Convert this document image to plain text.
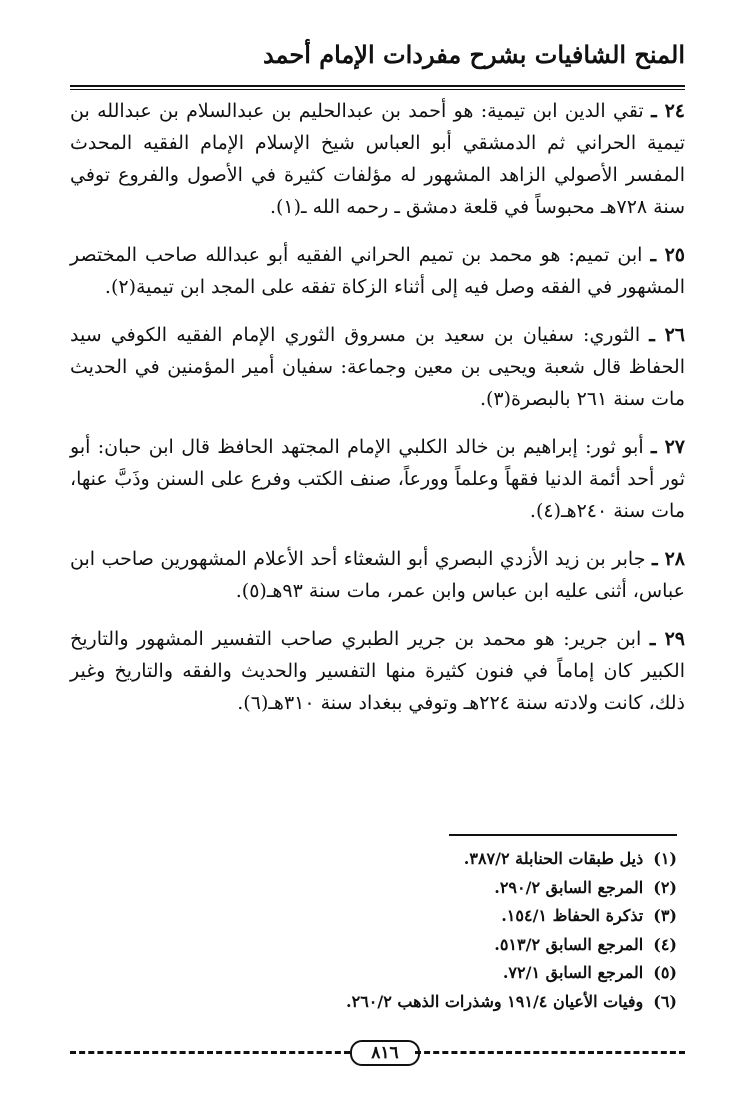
المنح الشافيات بشرح مفردات الإمام أحمد

٢٤ ـ تقي الدين ابن تيمية: هو أحمد بن عبدالحليم بن عبدالسلام بن عبدالله بن تيمية الحراني ثم الدمشقي أبو العباس شيخ الإسلام الإمام الفقيه المحدث المفسر الأصولي الزاهد المشهور له مؤلفات كثيرة في الأصول والفروع توفي سنة ٧٢٨هـ محبوساً في قلعة دمشق ـ رحمه الله ـ(١).

٢٥ ـ ابن تميم: هو محمد بن تميم الحراني الفقيه أبو عبدالله صاحب المختصر المشهور في الفقه وصل فيه إلى أثناء الزكاة تفقه على المجد ابن تيمية(٢).

٢٦ ـ الثوري: سفيان بن سعيد بن مسروق الثوري الإمام الفقيه الكوفي سيد الحفاظ قال شعبة ويحيى بن معين وجماعة: سفيان أمير المؤمنين في الحديث مات سنة ٢٦١ بالبصرة(٣).

٢٧ ـ أبو ثور: إبراهيم بن خالد الكلبي الإمام المجتهد الحافظ قال ابن حبان: أبو ثور أحد أئمة الدنيا فقهاً وعلماً وورعاً، صنف الكتب وفرع على السنن وذَبَّ عنها، مات سنة ٢٤٠هـ(٤).

٢٨ ـ جابر بن زيد الأزدي البصري أبو الشعثاء أحد الأعلام المشهورين صاحب ابن عباس، أثنى عليه ابن عباس وابن عمر، مات سنة ٩٣هـ(٥).

٢٩ ـ ابن جرير: هو محمد بن جرير الطبري صاحب التفسير المشهور والتاريخ الكبير كان إماماً في فنون كثيرة منها التفسير والحديث والفقه والتاريخ وغير ذلك، كانت ولادته سنة ٢٢٤هـ وتوفي ببغداد سنة ٣١٠هـ(٦).

(١)ذيل طبقات الحنابلة ٣٨٧/٢.
(٢)المرجع السابق ٢٩٠/٢.
(٣)تذكرة الحفاظ ١٥٤/١.
(٤)المرجع السابق ٥١٣/٢.
(٥)المرجع السابق ٧٢/١.
(٦)وفيات الأعيان ١٩١/٤ وشذرات الذهب ٢٦٠/٢.
٨١٦
